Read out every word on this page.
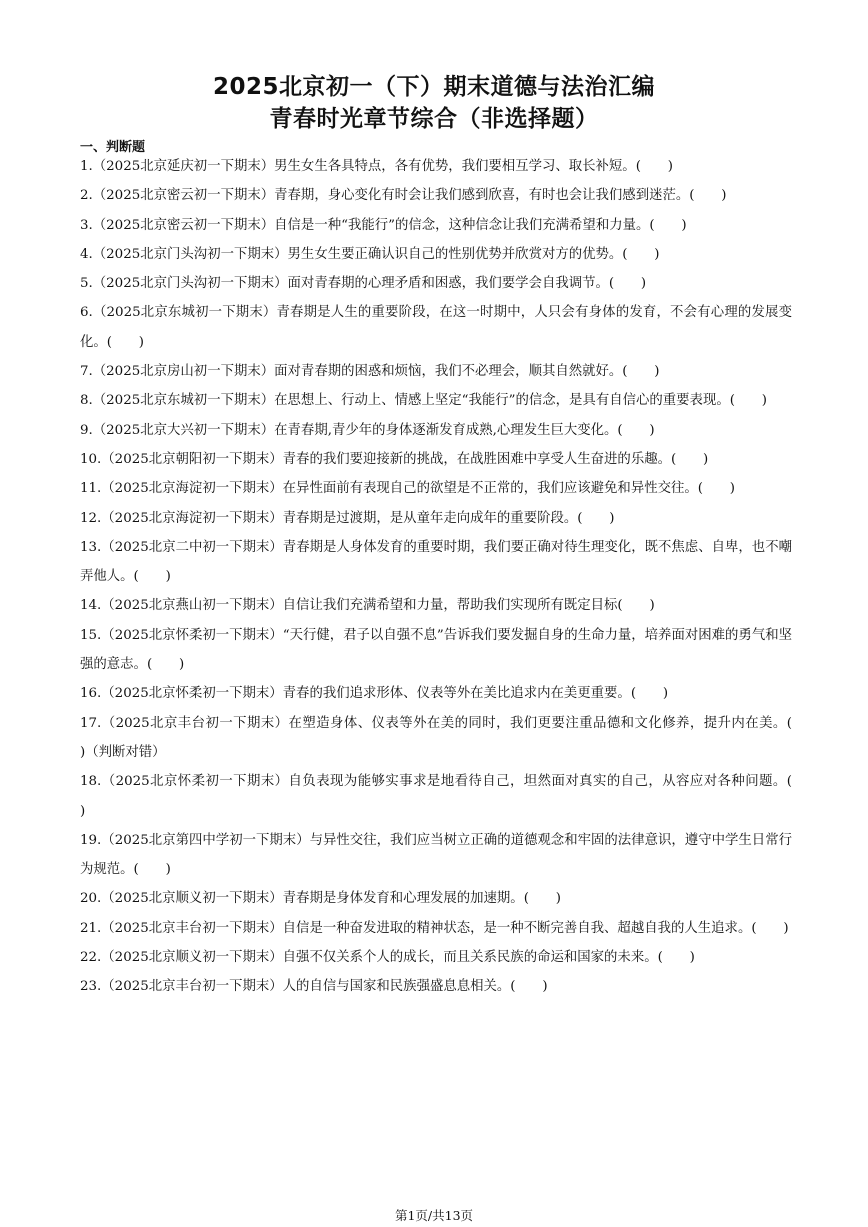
2025北京初一（下）期末道德与法治汇编
青春时光章节综合（非选择题）
一、判断题

1.（2025北京延庆初一下期末）男生女生各具特点，各有优势，我们要相互学习、取长补短。(　　)

2.（2025北京密云初一下期末）青春期，身心变化有时会让我们感到欣喜，有时也会让我们感到迷茫。(　　)

3.（2025北京密云初一下期末）自信是一种“我能行”的信念，这种信念让我们充满希望和力量。(　　)

4.（2025北京门头沟初一下期末）男生女生要正确认识自己的性别优势并欣赏对方的优势。(　　)

5.（2025北京门头沟初一下期末）面对青春期的心理矛盾和困惑，我们要学会自我调节。(　　)

6.（2025北京东城初一下期末）青春期是人生的重要阶段，在这一时期中，人只会有身体的发育，不会有心理的发展变化。(　　)

7.（2025北京房山初一下期末）面对青春期的困惑和烦恼，我们不必理会，顺其自然就好。(　　)

8.（2025北京东城初一下期末）在思想上、行动上、情感上坚定“我能行”的信念，是具有自信心的重要表现。(　　)

9.（2025北京大兴初一下期末）在青春期,青少年的身体逐渐发育成熟,心理发生巨大变化。(　　)

10.（2025北京朝阳初一下期末）青春的我们要迎接新的挑战，在战胜困难中享受人生奋进的乐趣。(　　)

11.（2025北京海淀初一下期末）在异性面前有表现自己的欲望是不正常的，我们应该避免和异性交往。(　　)

12.（2025北京海淀初一下期末）青春期是过渡期，是从童年走向成年的重要阶段。(　　)

13.（2025北京二中初一下期末）青春期是人身体发育的重要时期，我们要正确对待生理变化，既不焦虑、自卑，也不嘲弄他人。(　　)

14.（2025北京燕山初一下期末）自信让我们充满希望和力量，帮助我们实现所有既定目标(　　)

15.（2025北京怀柔初一下期末）“天行健，君子以自强不息”告诉我们要发掘自身的生命力量，培养面对困难的勇气和坚强的意志。(　　)

16.（2025北京怀柔初一下期末）青春的我们追求形体、仪表等外在美比追求内在美更重要。(　　)

17.（2025北京丰台初一下期末）在塑造身体、仪表等外在美的同时，我们更要注重品德和文化修养，提升内在美。(　　)（判断对错）

18.（2025北京怀柔初一下期末）自负表现为能够实事求是地看待自己，坦然面对真实的自己，从容应对各种问题。(　　)

19.（2025北京第四中学初一下期末）与异性交往，我们应当树立正确的道德观念和牢固的法律意识，遵守中学生日常行为规范。(　　)

20.（2025北京顺义初一下期末）青春期是身体发育和心理发展的加速期。(　　)

21.（2025北京丰台初一下期末）自信是一种奋发进取的精神状态，是一种不断完善自我、超越自我的人生追求。(　　)

22.（2025北京顺义初一下期末）自强不仅关系个人的成长，而且关系民族的命运和国家的未来。(　　)

23.（2025北京丰台初一下期末）人的自信与国家和民族强盛息息相关。(　　)

第1页/共13页
